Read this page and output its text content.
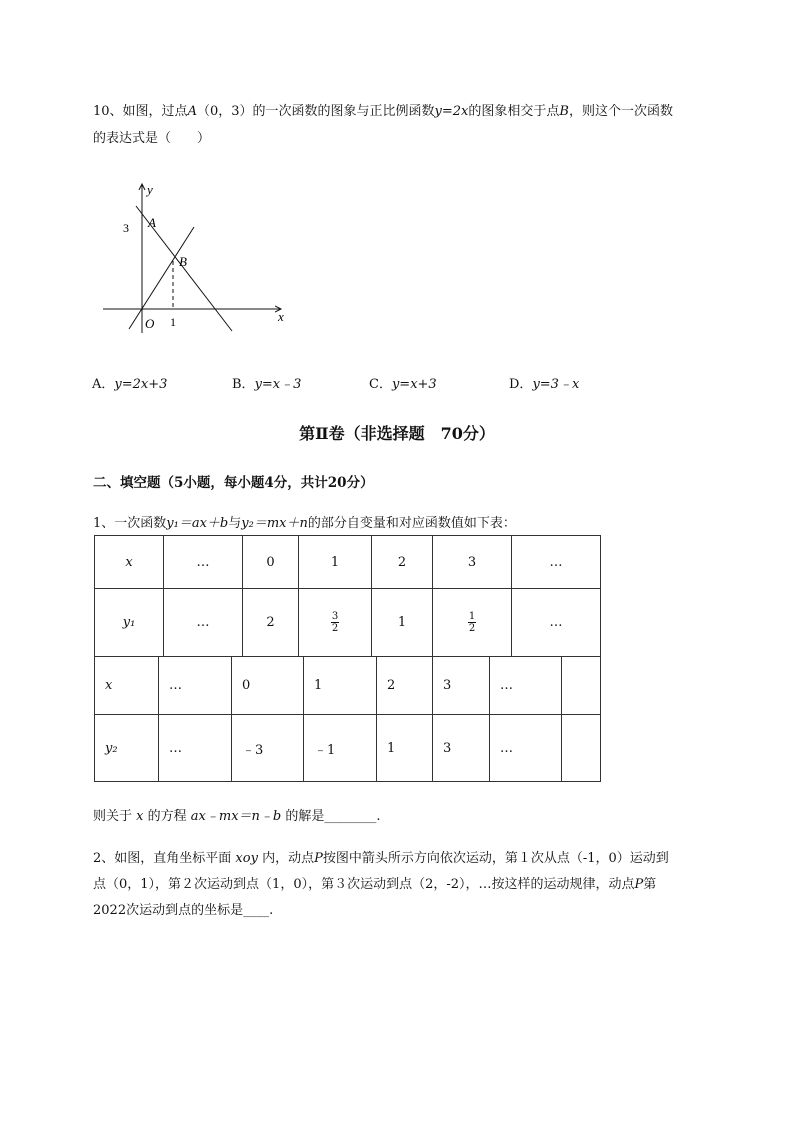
10、如图，过点A（0，3）的一次函数的图象与正比例函数y=2x的图象相交于点B，则这个一次函数
的表达式是（　　）
y
x
O 1
3 A
B
A．y=2x+3	B．y=x﹣3	C．y=x+3	D．y=3﹣x
第Ⅱ卷（非选择题　70分）
二、填空题（5小题，每小题4分，共计20分）
1、一次函数y₁＝ax＋b与y₂＝mx＋n的部分自变量和对应函数值如下表：
x	…	0	1	2	3	…
y₁	…	2	$\frac{3}{2}$	1	$\frac{1}{2}$	…
x	…	0	1	2	3	…	
y₂	…	﹣3	﹣1	1	3	…	
则关于 x 的方程 ax﹣mx＝n﹣b 的解是________.
2、如图，直角坐标平面 xoy 内，动点P按图中箭头所示方向依次运动，第１次从点（-1，0）运动到
点（0，1），第２次运动到点（1，0），第３次运动到点（2，-2），…按这样的运动规律，动点P第
2022次运动到点的坐标是____.
